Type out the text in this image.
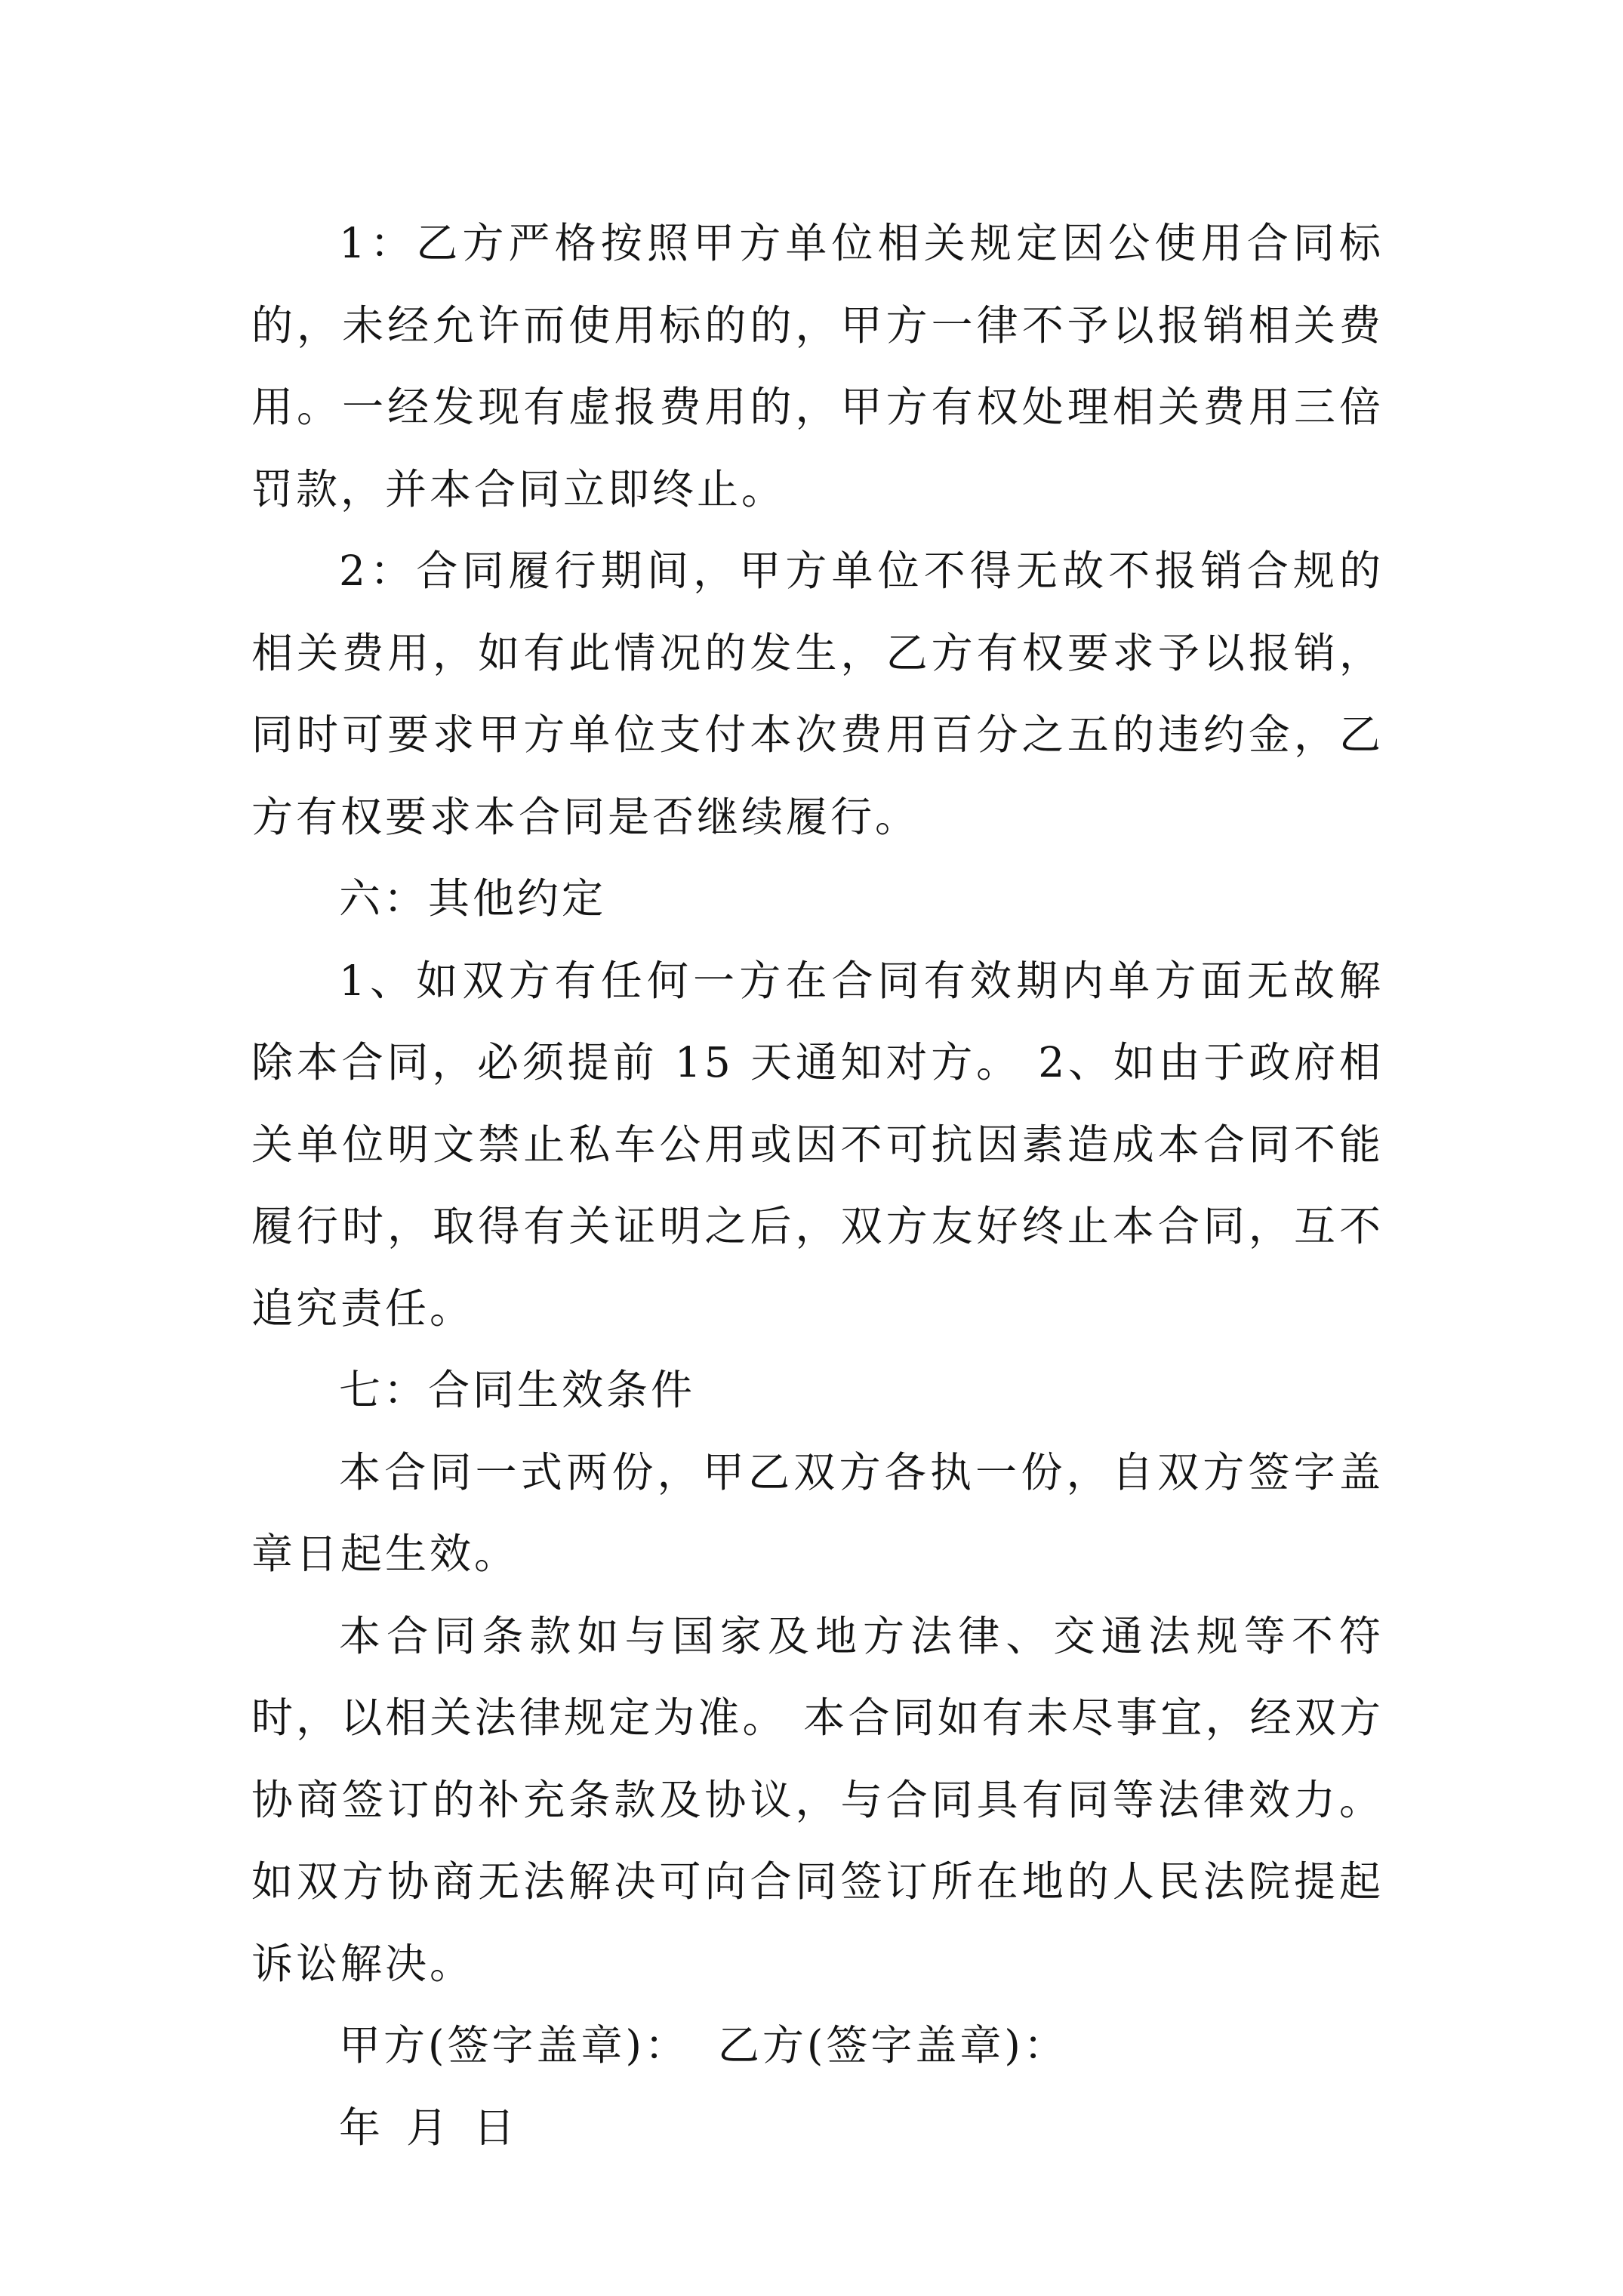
1：乙方严格按照甲方单位相关规定因公使用合同标的，未经允许而使用标的的，甲方一律不予以报销相关费用。一经发现有虚报费用的，甲方有权处理相关费用三倍罚款，并本合同立即终止。

2：合同履行期间，甲方单位不得无故不报销合规的相关费用，如有此情况的发生，乙方有权要求予以报销，同时可要求甲方单位支付本次费用百分之五的违约金，乙方有权要求本合同是否继续履行。

六：其他约定

1、如双方有任何一方在合同有效期内单方面无故解除本合同，必须提前 15 天通知对方。 2、如由于政府相关单位明文禁止私车公用或因不可抗因素造成本合同不能履行时，取得有关证明之后，双方友好终止本合同，互不追究责任。

七：合同生效条件

本合同一式两份，甲乙双方各执一份，自双方签字盖章日起生效。

本合同条款如与国家及地方法律、交通法规等不符时，以相关法律规定为准。 本合同如有未尽事宜，经双方协商签订的补充条款及协议，与合同具有同等法律效力。 如双方协商无法解决可向合同签订所在地的人民法院提起诉讼解决。

甲方(签字盖章)： 乙方(签字盖章)：
年 月 日
